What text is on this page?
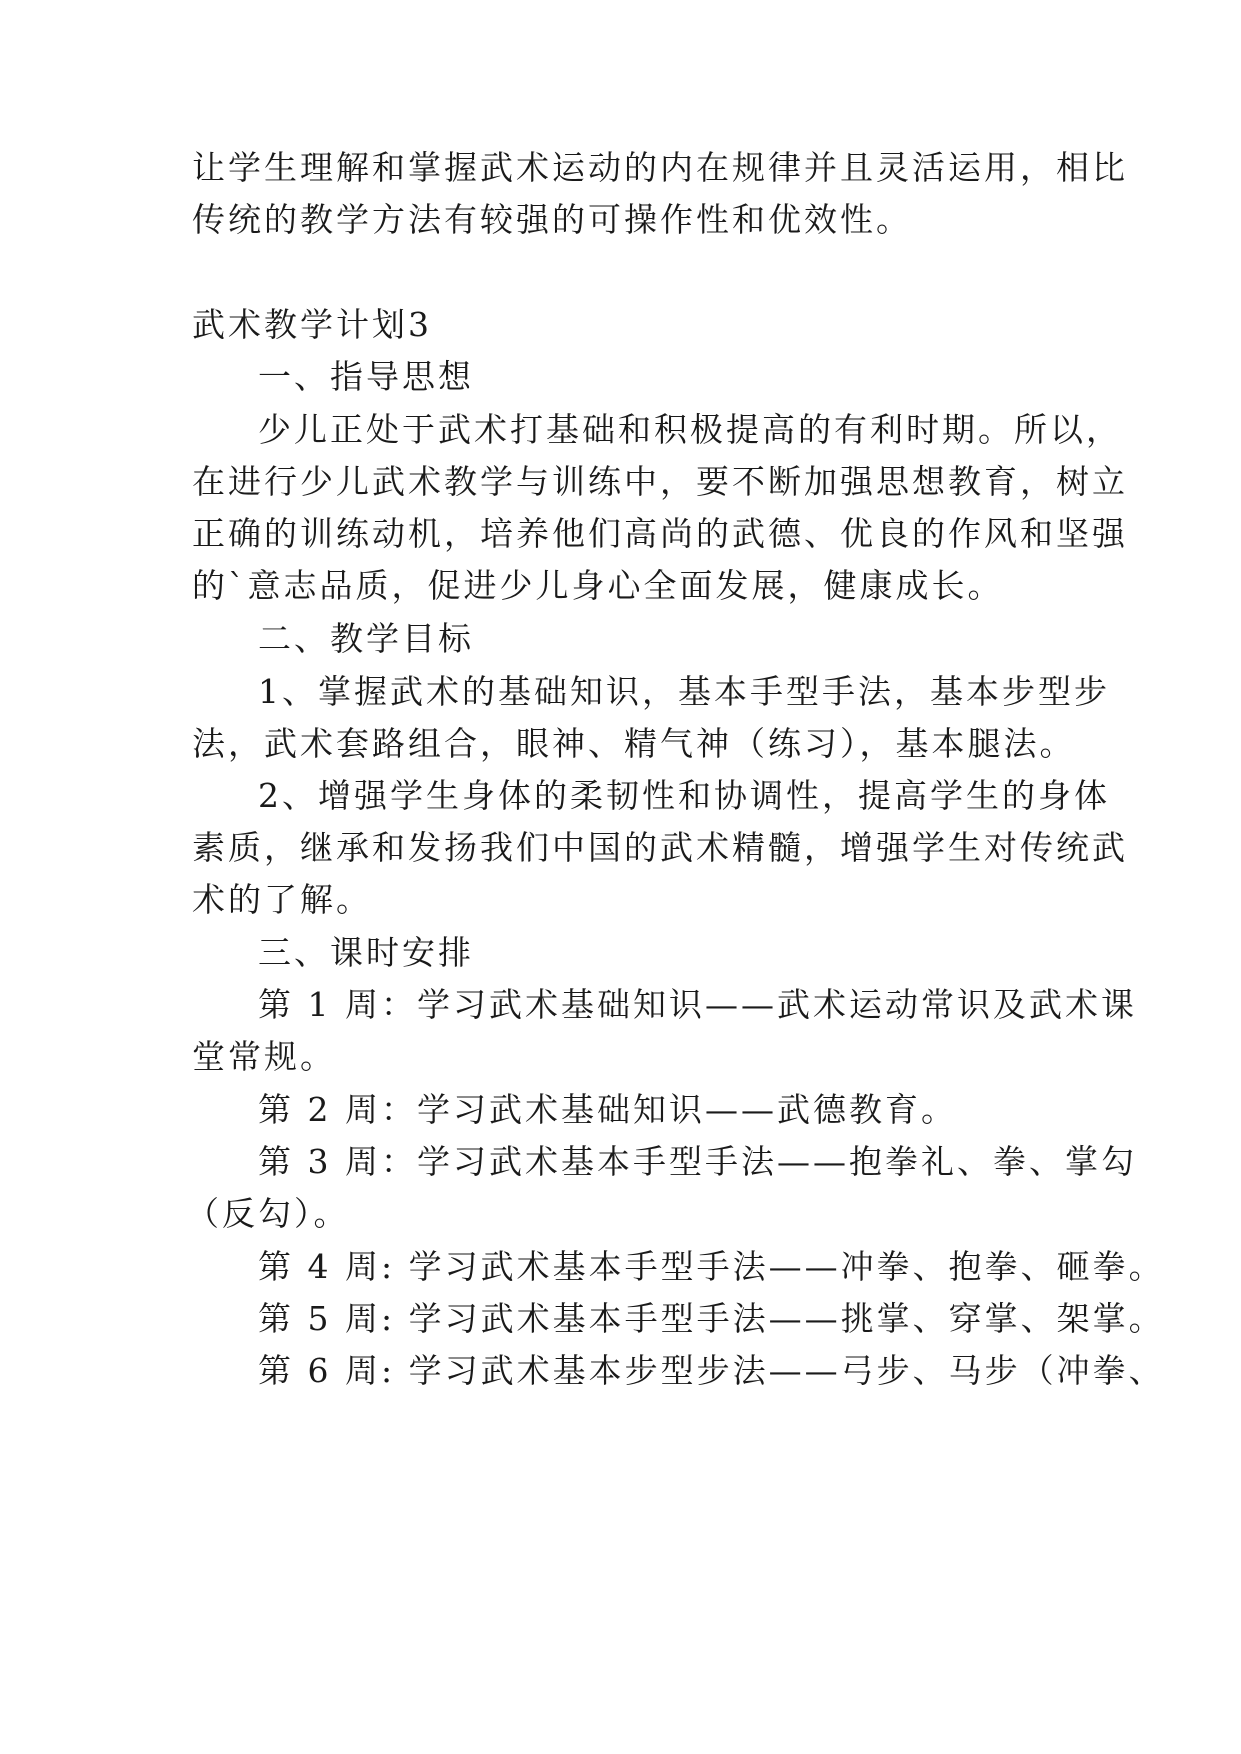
让学生理解和掌握武术运动的内在规律并且灵活运用，相比
传统的教学方法有较强的可操作性和优效性。
武术教学计划3
一、指导思想
少儿正处于武术打基础和积极提高的有利时期。所以，
在进行少儿武术教学与训练中，要不断加强思想教育，树立
正确的训练动机，培养他们高尚的武德、优良的作风和坚强
的`意志品质，促进少儿身心全面发展，健康成长。
二、教学目标
1、掌握武术的基础知识，基本手型手法，基本步型步
法，武术套路组合，眼神、精气神（练习），基本腿法。
2、增强学生身体的柔韧性和协调性，提高学生的身体
素质，继承和发扬我们中国的武术精髓，增强学生对传统武
术的了解。
三、课时安排
第 1 周：学习武术基础知识——武术运动常识及武术课
堂常规。
第 2 周：学习武术基础知识——武德教育。
第 3 周：学习武术基本手型手法——抱拳礼、拳、掌勾
（反勾）。
第 4 周: 学习武术基本手型手法——冲拳、抱拳、砸拳。
第 5 周: 学习武术基本手型手法——挑掌、穿掌、架掌。
第 6 周: 学习武术基本步型步法——弓步、马步（冲拳、
